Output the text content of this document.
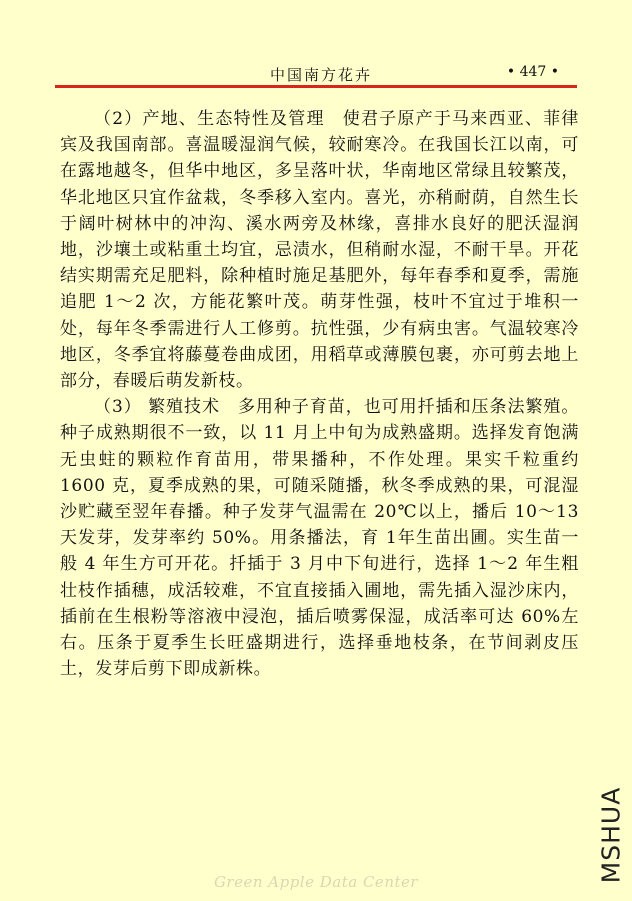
中国南方花卉	• 447 •

（2）产地、生态特性及管理 使君子原产于马来西亚、菲律宾及我国南部。喜温暖湿润气候，较耐寒冷。在我国长江以南，可在露地越冬，但华中地区，多呈落叶状，华南地区常绿且较繁茂，华北地区只宜作盆栽，冬季移入室内。喜光，亦稍耐荫，自然生长于阔叶树林中的冲沟、溪水两旁及林缘，喜排水良好的肥沃湿润地，沙壤土或粘重土均宜，忌渍水，但稍耐水湿，不耐干旱。开花结实期需充足肥料，除种植时施足基肥外，每年春季和夏季，需施追肥 1～2 次，方能花繁叶茂。萌芽性强，枝叶不宜过于堆积一处，每年冬季需进行人工修剪。抗性强，少有病虫害。气温较寒冷地区，冬季宜将藤蔓卷曲成团，用稻草或薄膜包裹，亦可剪去地上部分，春暖后萌发新枝。

（3） 繁殖技术 多用种子育苗，也可用扦插和压条法繁殖。种子成熟期很不一致，以 11 月上中旬为成熟盛期。选择发育饱满无虫蛀的颗粒作育苗用，带果播种，不作处理。果实千粒重约 1600 克，夏季成熟的果，可随采随播，秋冬季成熟的果，可混湿沙贮藏至翌年春播。种子发芽气温需在 20℃以上，播后 10～13 天发芽，发芽率约 50%。用条播法，育 1年生苗出圃。实生苗一般 4 年生方可开花。扦插于 3 月中下旬进行，选择 1～2 年生粗壮枝作插穗，成活较难，不宜直接插入圃地，需先插入湿沙床内，插前在生根粉等溶液中浸泡，插后喷雾保湿，成活率可达 60%左右。压条于夏季生长旺盛期进行，选择垂地枝条，在节间剥皮压土，发芽后剪下即成新株。

Green Apple Data Center	MSHUA
